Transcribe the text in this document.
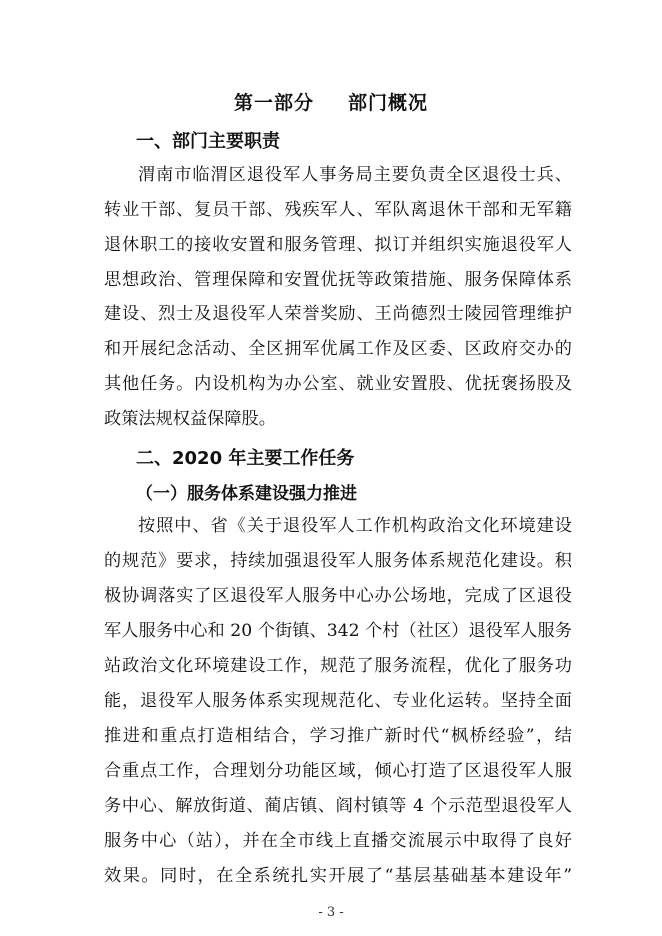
第一部分 部门概况
一、部门主要职责
渭南市临渭区退役军人事务局主要负责全区退役士兵、
转业干部、复员干部、残疾军人、军队离退休干部和无军籍
退休职工的接收安置和服务管理、拟订并组织实施退役军人
思想政治、管理保障和安置优抚等政策措施、服务保障体系
建设、烈士及退役军人荣誉奖励、王尚德烈士陵园管理维护
和开展纪念活动、全区拥军优属工作及区委、区政府交办的
其他任务。内设机构为办公室、就业安置股、优抚褒扬股及
政策法规权益保障股。
二、2020 年主要工作任务
（一）服务体系建设强力推进
按照中、省《关于退役军人工作机构政治文化环境建设
的规范》要求，持续加强退役军人服务体系规范化建设。积
极协调落实了区退役军人服务中心办公场地，完成了区退役
军人服务中心和 20 个街镇、342 个村（社区）退役军人服务
站政治文化环境建设工作，规范了服务流程，优化了服务功
能，退役军人服务体系实现规范化、专业化运转。坚持全面
推进和重点打造相结合，学习推广新时代“枫桥经验”，结
合重点工作，合理划分功能区域，倾心打造了区退役军人服
务中心、解放街道、蔺店镇、阎村镇等 4 个示范型退役军人
服务中心（站），并在全市线上直播交流展示中取得了良好
效果。同时，在全系统扎实开展了“基层基础基本建设年”
- 3 -
